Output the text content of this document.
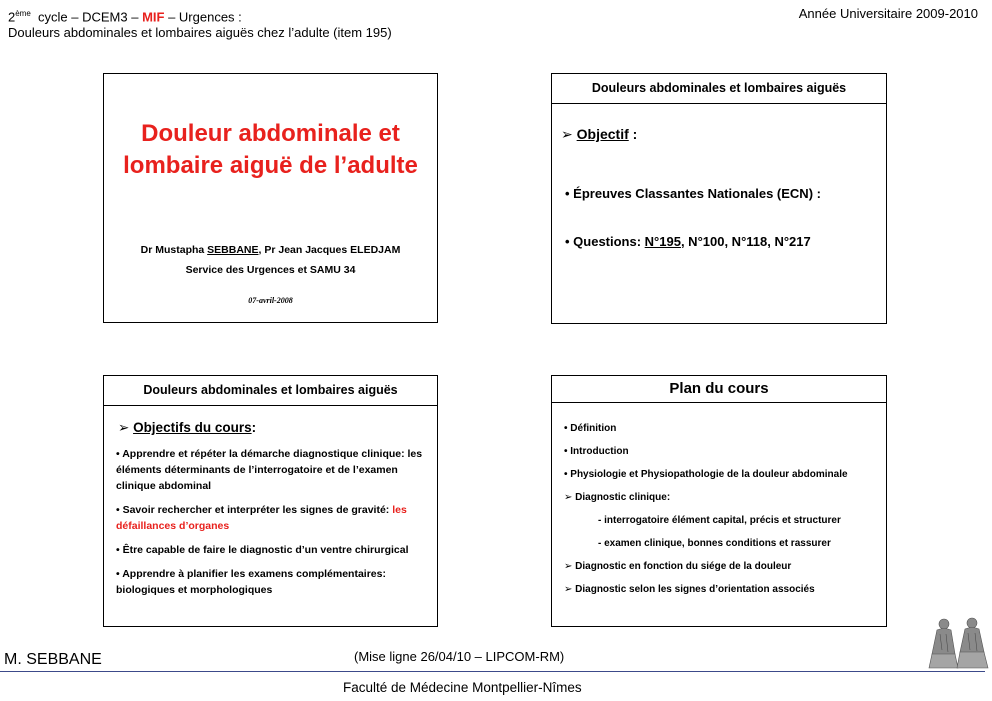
2ème cycle – DCEM3 – MIF – Urgences :
Douleurs abdominales et lombaires aiguës chez l’adulte (item 195)
Année Universitaire 2009-2010
Douleur abdominale et
lombaire aiguë de l’adulte
Dr Mustapha SEBBANE, Pr Jean Jacques ELEDJAM
Service des Urgences et SAMU 34
07-avril-2008
Douleurs abdominales et lombaires aiguës
➢ Objectif :
• Épreuves Classantes Nationales (ECN) :
• Questions: N°195, N°100, N°118, N°217
Douleurs abdominales et lombaires aiguës
➢ Objectifs du cours:

• Apprendre et répéter la démarche diagnostique clinique: les éléments déterminants de l’interrogatoire et de l’examen clinique abdominal

• Savoir rechercher et interpréter les signes de gravité: les défaillances d’organes

• Être capable de faire le diagnostic d’un ventre chirurgical

• Apprendre à planifier les examens complémentaires: biologiques et morphologiques

Plan du cours

• Définition

• Introduction

• Physiologie et Physiopathologie de la douleur abdominale

➢ Diagnostic clinique:

- interrogatoire élément capital, précis et structurer

- examen clinique, bonnes conditions et rassurer

➢ Diagnostic en fonction du siége de la douleur

➢ Diagnostic selon les signes d’orientation associés

M. SEBBANE	(Mise ligne 26/04/10 – LIPCOM-RM)
Faculté de Médecine Montpellier-Nîmes
